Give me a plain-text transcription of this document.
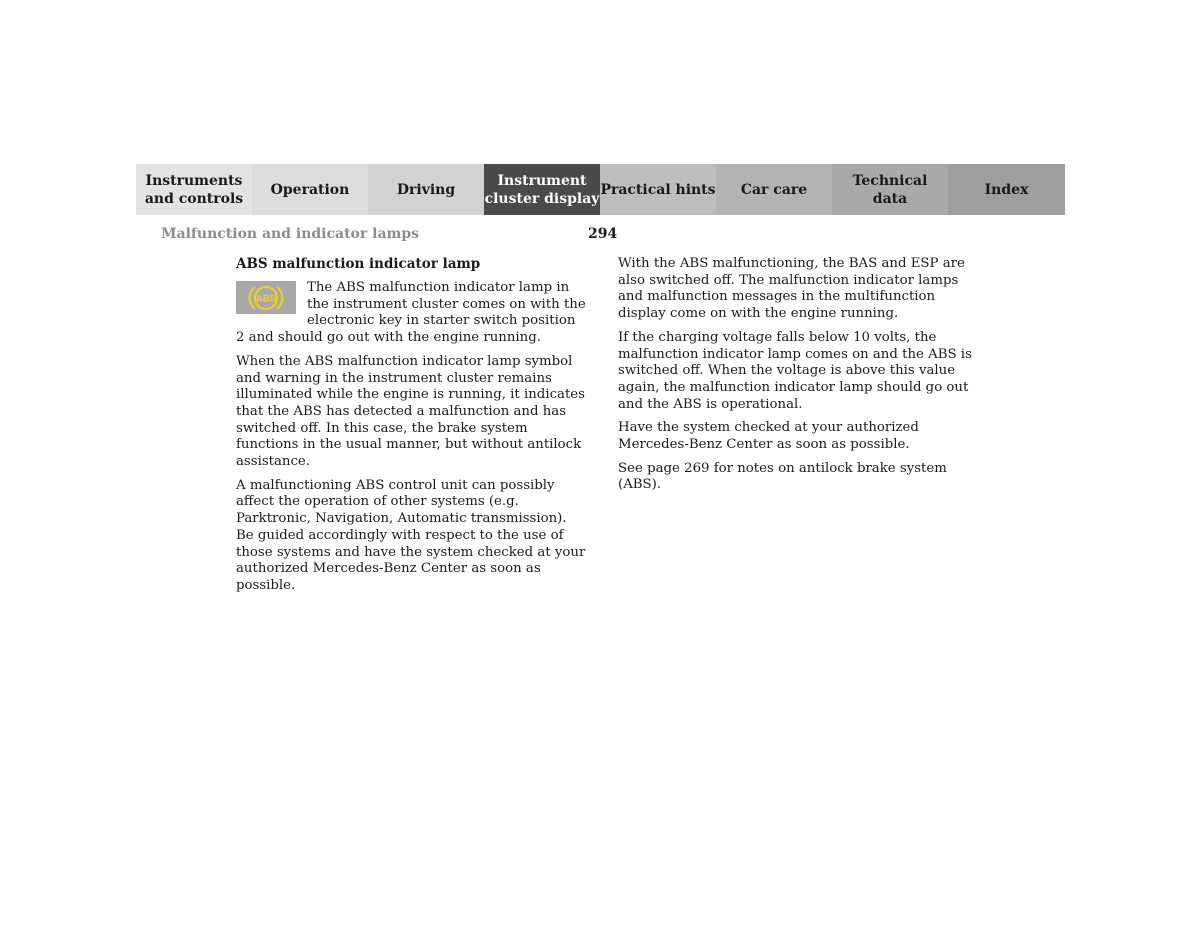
Instruments
and controls
Operation	Driving
Instrument
cluster display
Practical hints	Car care
Technical
data
Index
Malfunction and indicator lamps	294
ABS malfunction indicator lamp
ABS

The ABS malfunction indicator lamp in the instrument cluster comes on with the electronic key in starter switch position 2 and should go out with the engine running.

When the ABS malfunction indicator lamp symbol and warning in the instrument cluster remains illuminated while the engine is running, it indicates that the ABS has detected a malfunction and has switched off. In this case, the brake system functions in the usual manner, but without antilock assistance.

A malfunctioning ABS control unit can possibly affect the operation of other systems (e.g. Parktronic, Navigation, Automatic transmission). Be guided accordingly with respect to the use of those systems and have the system checked at your authorized Mercedes-Benz Center as soon as possible.

With the ABS malfunctioning, the BAS and ESP are also switched off. The malfunction indicator lamps and malfunction messages in the multifunction display come on with the engine running.

If the charging voltage falls below 10 volts, the malfunction indicator lamp comes on and the ABS is switched off. When the voltage is above this value again, the malfunction indicator lamp should go out and the ABS is operational.

Have the system checked at your authorized Mercedes-Benz Center as soon as possible.

See page 269 for notes on antilock brake system (ABS).
